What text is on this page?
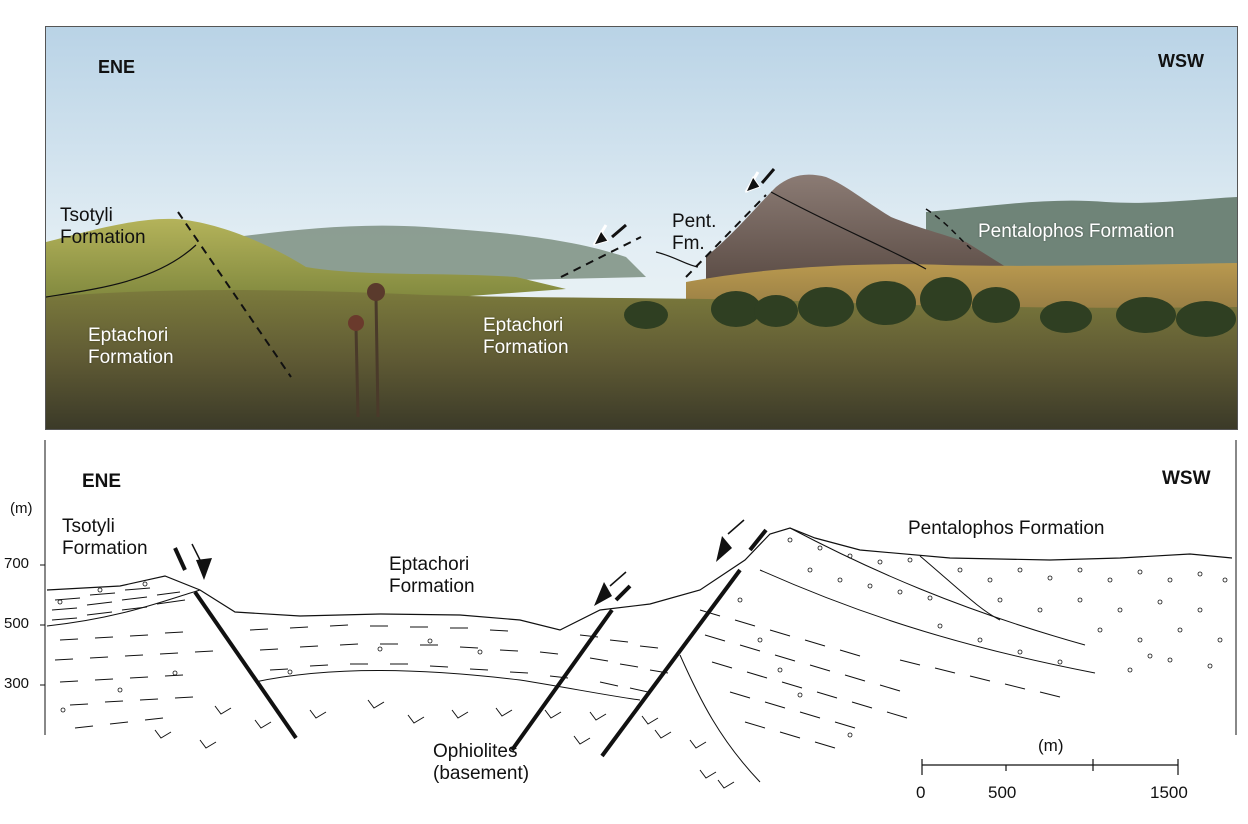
ENE	WSW
Tsotyli
Formation
Eptachori
Formation
Eptachori
Formation
Pent.
Fm.
Pentalophos Formation
ENE	WSW
(m)
700
500
300
Tsotyli
Formation
Eptachori
Formation
Pentalophos Formation
Ophiolites
(basement)
(m)
0	500	1500
